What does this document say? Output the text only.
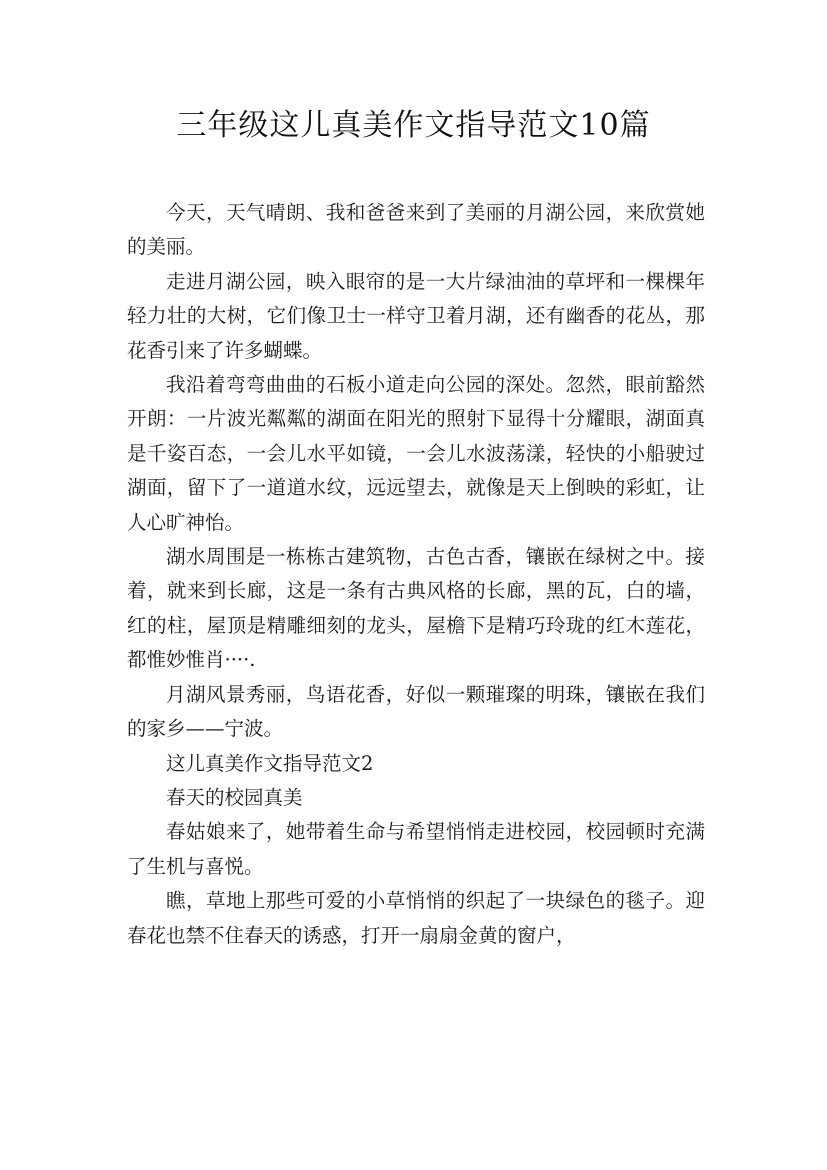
三年级这儿真美作文指导范文10篇

今天，天气晴朗、我和爸爸来到了美丽的月湖公园，来欣赏她的美丽。

走进月湖公园，映入眼帘的是一大片绿油油的草坪和一棵棵年轻力壮的大树，它们像卫士一样守卫着月湖，还有幽香的花丛，那花香引来了许多蝴蝶。

我沿着弯弯曲曲的石板小道走向公园的深处。忽然，眼前豁然开朗：一片波光粼粼的湖面在阳光的照射下显得十分耀眼，湖面真是千姿百态，一会儿水平如镜，一会儿水波荡漾，轻快的小船驶过湖面，留下了一道道水纹，远远望去，就像是天上倒映的彩虹，让人心旷神怡。

湖水周围是一栋栋古建筑物，古色古香，镶嵌在绿树之中。接着，就来到长廊，这是一条有古典风格的长廊，黑的瓦，白的墙，红的柱，屋顶是精雕细刻的龙头，屋檐下是精巧玲珑的红木莲花，都惟妙惟肖····.

月湖风景秀丽，鸟语花香，好似一颗璀璨的明珠，镶嵌在我们的家乡——宁波。

这儿真美作文指导范文2

春天的校园真美

春姑娘来了，她带着生命与希望悄悄走进校园，校园顿时充满了生机与喜悦。

瞧，草地上那些可爱的小草悄悄的织起了一块绿色的毯子。迎春花也禁不住春天的诱惑，打开一扇扇金黄的窗户，
